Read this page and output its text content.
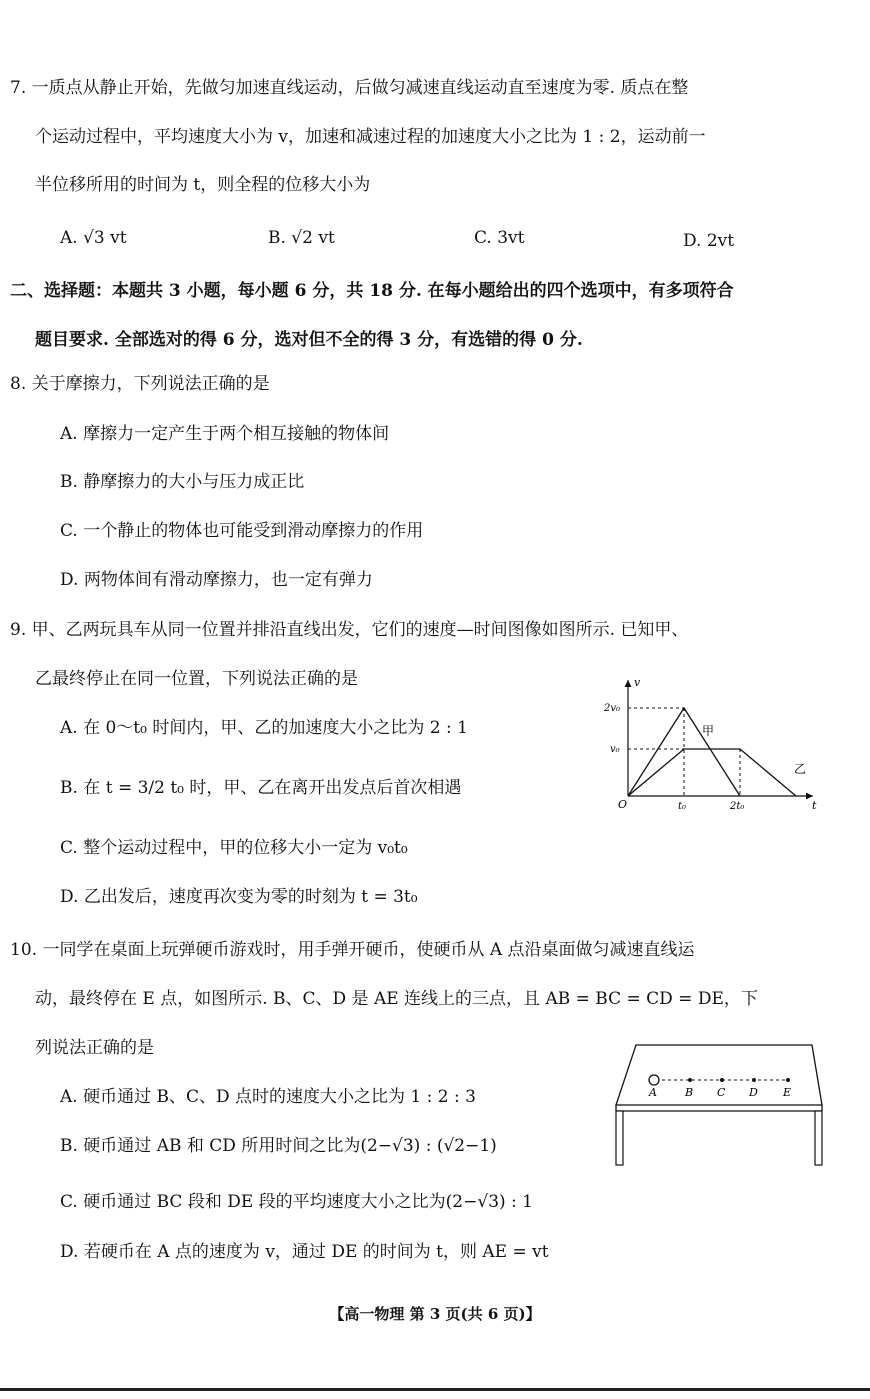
7. 一质点从静止开始，先做匀加速直线运动，后做匀减速直线运动直至速度为零. 质点在整
个运动过程中，平均速度大小为 v，加速和减速过程的加速度大小之比为 1 : 2，运动前一
半位移所用的时间为 t，则全程的位移大小为
A. √3 vt	B. √2 vt	C. 3vt	D. 2vt
二、选择题：本题共 3 小题，每小题 6 分，共 18 分. 在每小题给出的四个选项中，有多项符合
题目要求. 全部选对的得 6 分，选对但不全的得 3 分，有选错的得 0 分.
8. 关于摩擦力，下列说法正确的是
A. 摩擦力一定产生于两个相互接触的物体间
B. 静摩擦力的大小与压力成正比
C. 一个静止的物体也可能受到滑动摩擦力的作用
D. 两物体间有滑动摩擦力，也一定有弹力
9. 甲、乙两玩具车从同一位置并排沿直线出发，它们的速度—时间图像如图所示. 已知甲、
乙最终停止在同一位置，下列说法正确的是
A. 在 0～t₀ 时间内，甲、乙的加速度大小之比为 2 : 1
B. 在 t = 3/2 t₀ 时，甲、乙在离开出发点后首次相遇
C. 整个运动过程中，甲的位移大小一定为 v₀t₀
D. 乙出发后，速度再次变为零的时刻为 t = 3t₀
v
t
O
2v₀
v₀
t₀	2t₀
甲
乙
10. 一同学在桌面上玩弹硬币游戏时，用手弹开硬币，使硬币从 A 点沿桌面做匀减速直线运
动，最终停在 E 点，如图所示. B、C、D 是 AE 连线上的三点，且 AB = BC = CD = DE，下
列说法正确的是
A. 硬币通过 B、C、D 点时的速度大小之比为 1 : 2 : 3
B. 硬币通过 AB 和 CD 所用时间之比为(2−√3) : (√2−1)
C. 硬币通过 BC 段和 DE 段的平均速度大小之比为(2−√3) : 1
D. 若硬币在 A 点的速度为 v，通过 DE 的时间为 t，则 AE = vt
A	B C D E
【高一物理 第 3 页(共 6 页)】
